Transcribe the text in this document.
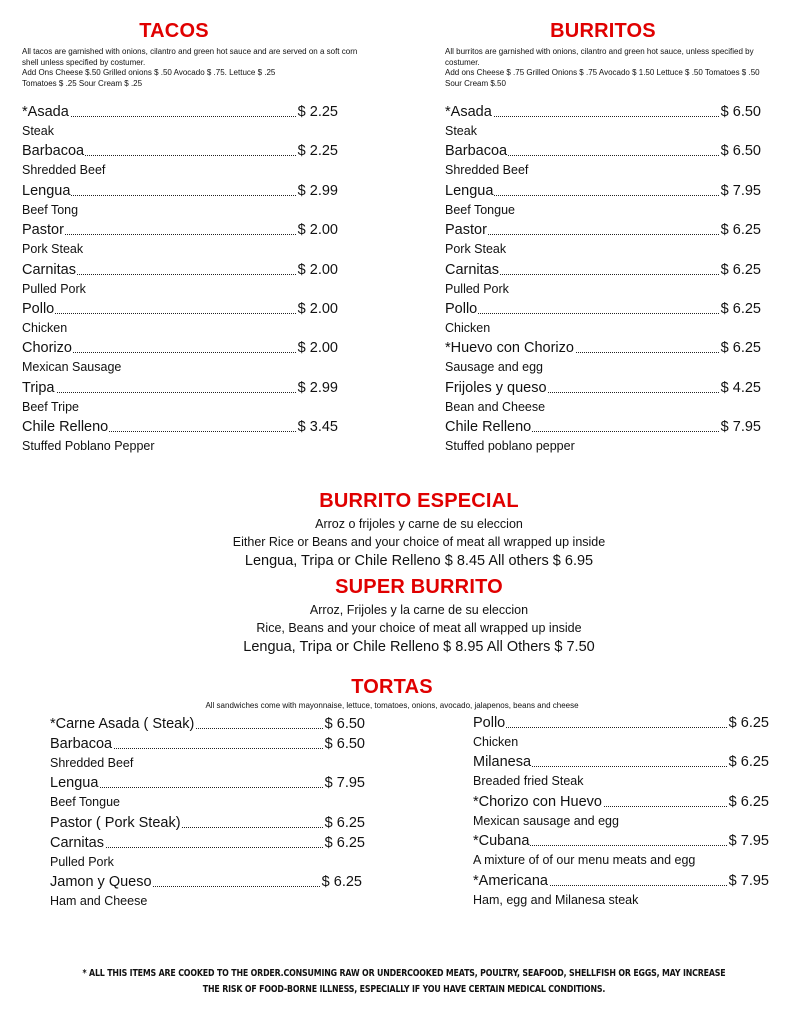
TACOS
All tacos are garnished with onions, cilantro and green hot sauce and are served on a soft corn
shell unless specified by costumer.
Add Ons Cheese $.50 Grilled onions $ .50 Avocado $ .75. Lettuce $ .25
Tomatoes $ .25 Sour Cream $ .25
*Asada	$ 2.25
Steak
Barbacoa	$ 2.25
Shredded Beef
Lengua	$ 2.99
Beef Tong
Pastor	$ 2.00
Pork Steak
Carnitas	$ 2.00
Pulled Pork
Pollo	$ 2.00
Chicken
Chorizo	$ 2.00
Mexican Sausage
Tripa	$ 2.99
Beef Tripe
Chile Relleno	$ 3.45
Stuffed Poblano Pepper
BURRITOS
All burritos are garnished with onions, cilantro and green hot sauce, unless specified by
costumer.
Add ons Cheese $ .75 Grilled Onions $ .75 Avocado $ 1.50 Lettuce $ .50 Tomatoes $ .50
Sour Cream $.50
*Asada	$ 6.50
Steak
Barbacoa	$ 6.50
Shredded Beef
Lengua	$ 7.95
Beef Tongue
Pastor	$ 6.25
Pork Steak
Carnitas	$ 6.25
Pulled Pork
Pollo	$ 6.25
Chicken
*Huevo con Chorizo	$ 6.25
Sausage and egg
Frijoles y queso	$ 4.25
Bean and Cheese
Chile Relleno	$ 7.95
Stuffed poblano pepper
BURRITO ESPECIAL
Arroz o frijoles y carne de su eleccion
Either Rice or Beans and your choice of meat all wrapped up inside
Lengua, Tripa or Chile Relleno $ 8.45 All others $ 6.95
SUPER BURRITO
Arroz, Frijoles y la carne de su eleccion
Rice, Beans and your choice of meat all wrapped up inside
Lengua, Tripa or Chile Relleno $ 8.95 All Others $ 7.50
TORTAS
All sandwiches come with mayonnaise, lettuce, tomatoes, onions, avocado, jalapenos, beans and cheese
*Carne Asada ( Steak)	$ 6.50
Barbacoa	$ 6.50
Shredded Beef
Lengua	$ 7.95
Beef Tongue
Pastor ( Pork Steak)	$ 6.25
Carnitas	$ 6.25
Pulled Pork
Jamon y Queso	$ 6.25
Ham and Cheese
Pollo	$ 6.25
Chicken
Milanesa	$ 6.25
Breaded fried Steak
*Chorizo con Huevo	$ 6.25
Mexican sausage and egg
*Cubana	$ 7.95
A mixture of of our menu meats and egg
*Americana	$ 7.95
Ham, egg and Milanesa steak
* ALL THIS ITEMS ARE COOKED TO THE ORDER.CONSUMING RAW OR UNDERCOOKED MEATS, POULTRY, SEAFOOD, SHELLFISH OR EGGS, MAY INCREASE
THE RISK OF FOOD-BORNE ILLNESS, ESPECIALLY IF YOU HAVE CERTAIN MEDICAL CONDITIONS.
